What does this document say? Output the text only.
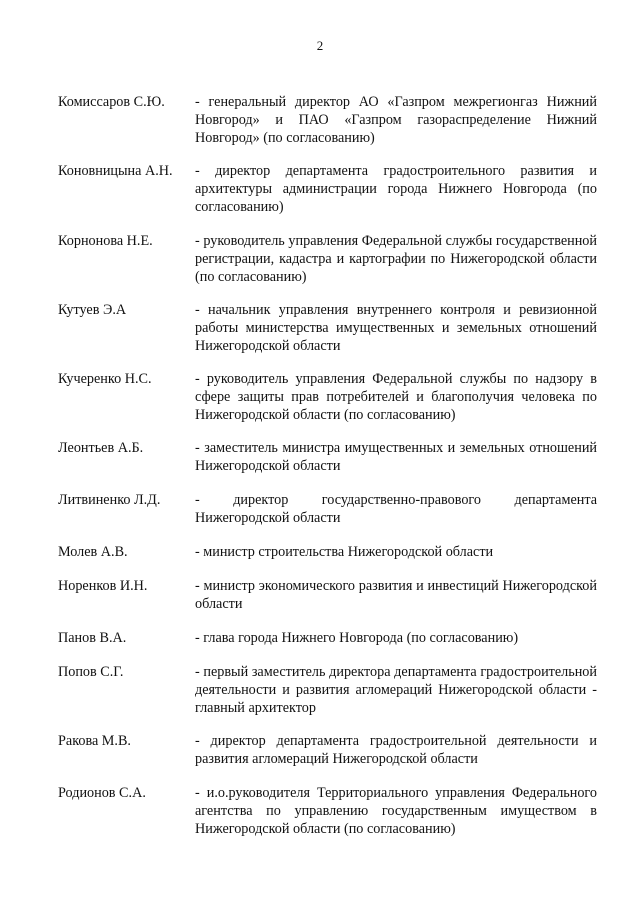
2
Комиссаров С.Ю.	- генеральный директор АО «Газпром межрегионгаз Нижний Новгород» и ПАО «Газпром газораспределение Нижний Новгород» (по согласованию)
Коновницына А.Н.	- директор департамента градостроительного развития и архитектуры администрации города Нижнего Новгорода (по согласованию)
Корнонова Н.Е.	- руководитель управления Федеральной службы государственной регистрации, кадастра и картографии по Нижегородской области (по согласованию)
Кутуев Э.А	- начальник управления внутреннего контроля и ревизионной работы министерства имущественных и земельных отношений Нижегородской области
Кучеренко Н.С.	- руководитель управления Федеральной службы по надзору в сфере защиты прав потребителей и благополучия человека по Нижегородской области (по согласованию)
Леонтьев А.Б.	- заместитель министра имущественных и земельных отношений Нижегородской области
Литвиненко Л.Д.	- директор государственно-правового департамента Нижегородской области
Молев А.В.	- министр строительства Нижегородской области
Норенков И.Н.	- министр экономического развития и инвестиций Нижегородской области
Панов В.А.	- глава города Нижнего Новгорода (по согласованию)
Попов С.Г.	- первый заместитель директора департамента градостроительной деятельности и развития агломераций Нижегородской области - главный архитектор
Ракова М.В.	- директор департамента градостроительной деятельности и развития агломераций Нижегородской области
Родионов С.А.	- и.о.руководителя Территориального управления Федерального агентства по управлению государственным имуществом в Нижегородской области (по согласованию)
